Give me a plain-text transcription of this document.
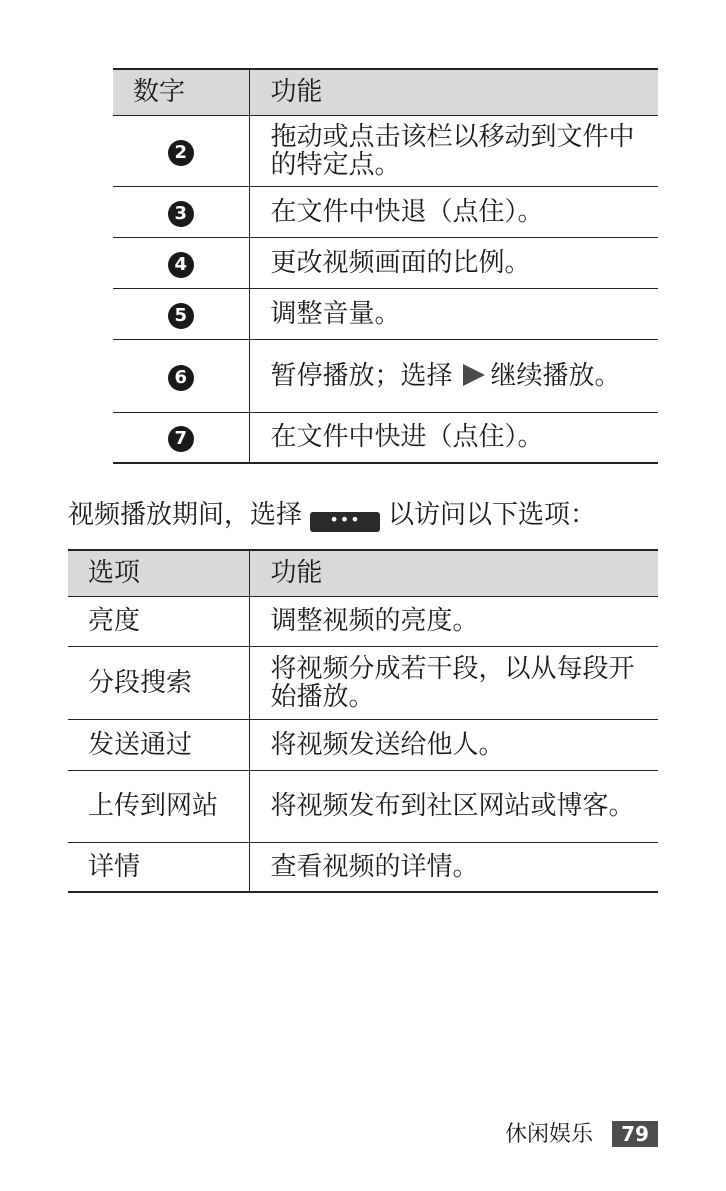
数字	功能
2	拖动或点击该栏以移动到文件中的特定点。
3	在文件中快退（点住）。
4	更改视频画面的比例。
5	调整音量。
6	暂停播放；选择 继续播放。
7	在文件中快进（点住）。
视频播放期间，选择 ••• 以访问以下选项：
选项	功能
亮度	调整视频的亮度。
分段搜索	将视频分成若干段，以从每段开始播放。
发送通过	将视频发送给他人。
上传到网站	将视频发布到社区网站或博客。
详情	查看视频的详情。
休闲娱乐	79
